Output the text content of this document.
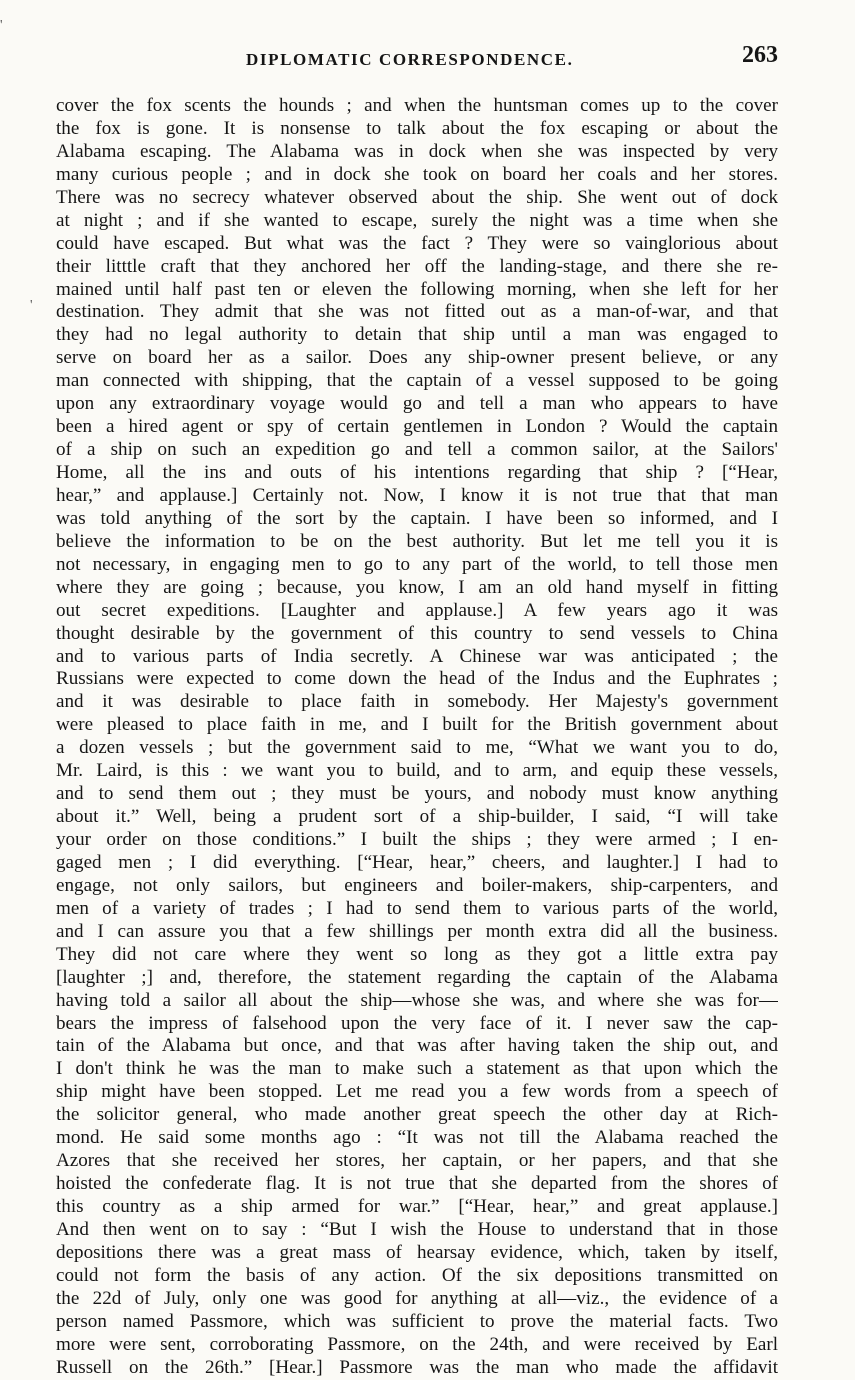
DIPLOMATIC CORRESPONDENCE.	263
'
'
cover the fox scents the hounds ; and when the huntsman comes up to the cover
the fox is gone. It is nonsense to talk about the fox escaping or about the
Alabama escaping. The Alabama was in dock when she was inspected by very
many curious people ; and in dock she took on board her coals and her stores.
There was no secrecy whatever observed about the ship. She went out of dock
at night ; and if she wanted to escape, surely the night was a time when she
could have escaped. But what was the fact ? They were so vainglorious about
their litttle craft that they anchored her off the landing-stage, and there she re-
mained until half past ten or eleven the following morning, when she left for her
destination. They admit that she was not fitted out as a man-of-war, and that
they had no legal authority to detain that ship until a man was engaged to
serve on board her as a sailor. Does any ship-owner present believe, or any
man connected with shipping, that the captain of a vessel supposed to be going
upon any extraordinary voyage would go and tell a man who appears to have
been a hired agent or spy of certain gentlemen in London ? Would the captain
of a ship on such an expedition go and tell a common sailor, at the Sailors'
Home, all the ins and outs of his intentions regarding that ship ? [“Hear,
hear,” and applause.] Certainly not. Now, I know it is not true that that man
was told anything of the sort by the captain. I have been so informed, and I
believe the information to be on the best authority. But let me tell you it is
not necessary, in engaging men to go to any part of the world, to tell those men
where they are going ; because, you know, I am an old hand myself in fitting
out secret expeditions. [Laughter and applause.] A few years ago it was
thought desirable by the government of this country to send vessels to China
and to various parts of India secretly. A Chinese war was anticipated ; the
Russians were expected to come down the head of the Indus and the Euphrates ;
and it was desirable to place faith in somebody. Her Majesty's government
were pleased to place faith in me, and I built for the British government about
a dozen vessels ; but the government said to me, “What we want you to do,
Mr. Laird, is this : we want you to build, and to arm, and equip these vessels,
and to send them out ; they must be yours, and nobody must know anything
about it.” Well, being a prudent sort of a ship-builder, I said, “I will take
your order on those conditions.” I built the ships ; they were armed ; I en-
gaged men ; I did everything. [“Hear, hear,” cheers, and laughter.] I had to
engage, not only sailors, but engineers and boiler-makers, ship-carpenters, and
men of a variety of trades ; I had to send them to various parts of the world,
and I can assure you that a few shillings per month extra did all the business.
They did not care where they went so long as they got a little extra pay
[laughter ;] and, therefore, the statement regarding the captain of the Alabama
having told a sailor all about the ship—whose she was, and where she was for—
bears the impress of falsehood upon the very face of it. I never saw the cap-
tain of the Alabama but once, and that was after having taken the ship out, and
I don't think he was the man to make such a statement as that upon which the
ship might have been stopped. Let me read you a few words from a speech of
the solicitor general, who made another great speech the other day at Rich-
mond. He said some months ago : “It was not till the Alabama reached the
Azores that she received her stores, her captain, or her papers, and that she
hoisted the confederate flag. It is not true that she departed from the shores of
this country as a ship armed for war.” [“Hear, hear,” and great applause.]
And then went on to say : “But I wish the House to understand that in those
depositions there was a great mass of hearsay evidence, which, taken by itself,
could not form the basis of any action. Of the six depositions transmitted on
the 22d of July, only one was good for anything at all—viz., the evidence of a
person named Passmore, which was sufficient to prove the material facts. Two
more were sent, corroborating Passmore, on the 24th, and were received by Earl
Russell on the 26th.” [Hear.] Passmore was the man who made the affidavit
